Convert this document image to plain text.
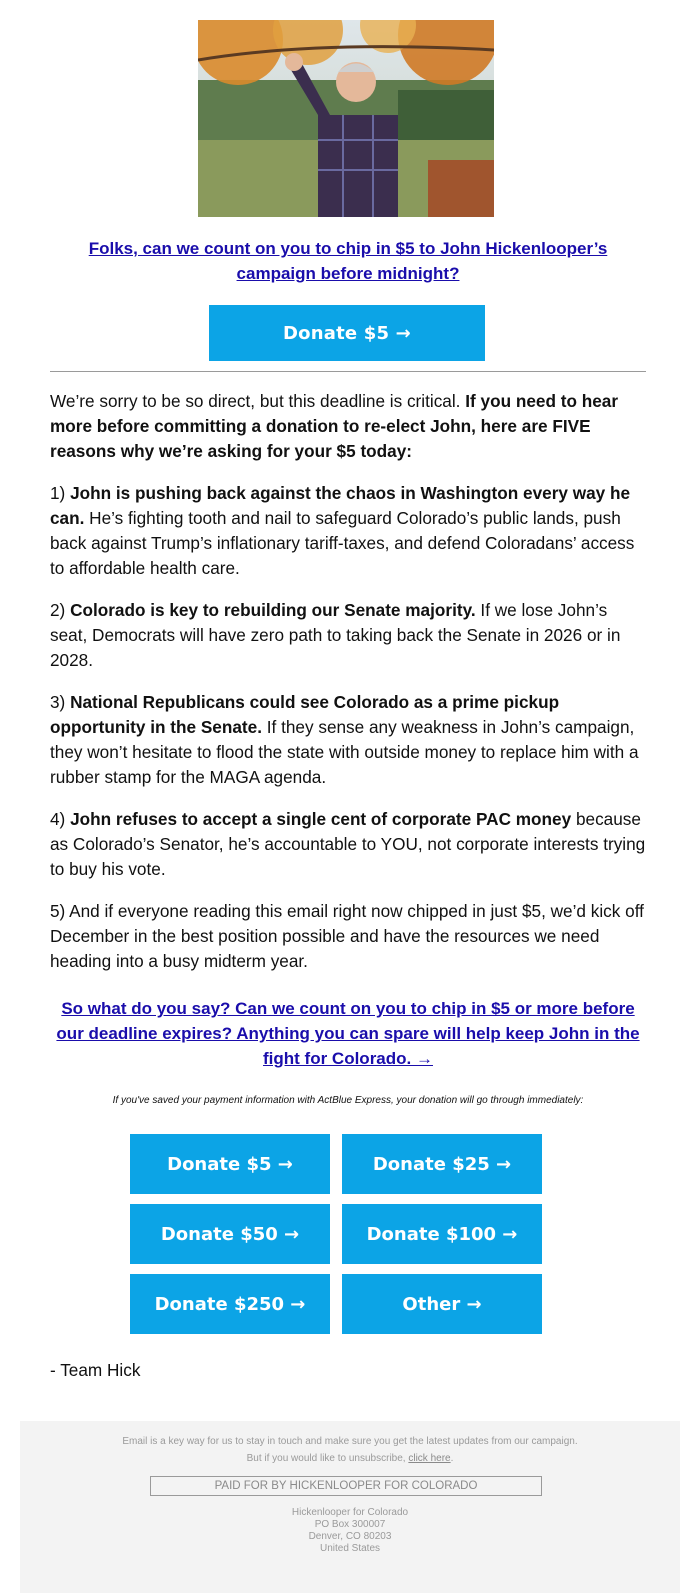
Folks, can we count on you to chip in $5 to John Hickenlooper’s campaign before midnight?
Donate $5 →

We’re sorry to be so direct, but this deadline is critical. If you need to hear more before committing a donation to re-elect John, here are FIVE reasons why we’re asking for your $5 today:

1) John is pushing back against the chaos in Washington every way he can. He’s fighting tooth and nail to safeguard Colorado’s public lands, push back against Trump’s inflationary tariff-taxes, and defend Coloradans’ access to affordable health care.

2) Colorado is key to rebuilding our Senate majority. If we lose John’s seat, Democrats will have zero path to taking back the Senate in 2026 or in 2028.

3) National Republicans could see Colorado as a prime pickup opportunity in the Senate. If they sense any weakness in John’s campaign, they won’t hesitate to flood the state with outside money to replace him with a rubber stamp for the MAGA agenda.

4) John refuses to accept a single cent of corporate PAC money because as Colorado’s Senator, he’s accountable to YOU, not corporate interests trying to buy his vote.

5) And if everyone reading this email right now chipped in just $5, we’d kick off December in the best position possible and have the resources we need heading into a busy midterm year.

So what do you say? Can we count on you to chip in $5 or more before our deadline expires? Anything you can spare will help keep John in the fight for Colorado. →
If you've saved your payment information with ActBlue Express, your donation will go through immediately:
Donate $5 →	Donate $25 →
Donate $50 →	Donate $100 →
Donate $250 →	Other →
- Team Hick
Email is a key way for us to stay in touch and make sure you get the latest updates from our campaign.
But if you would like to unsubscribe, click here.
PAID FOR BY HICKENLOOPER FOR COLORADO
Hickenlooper for Colorado
PO Box 300007
Denver, CO 80203
United States
